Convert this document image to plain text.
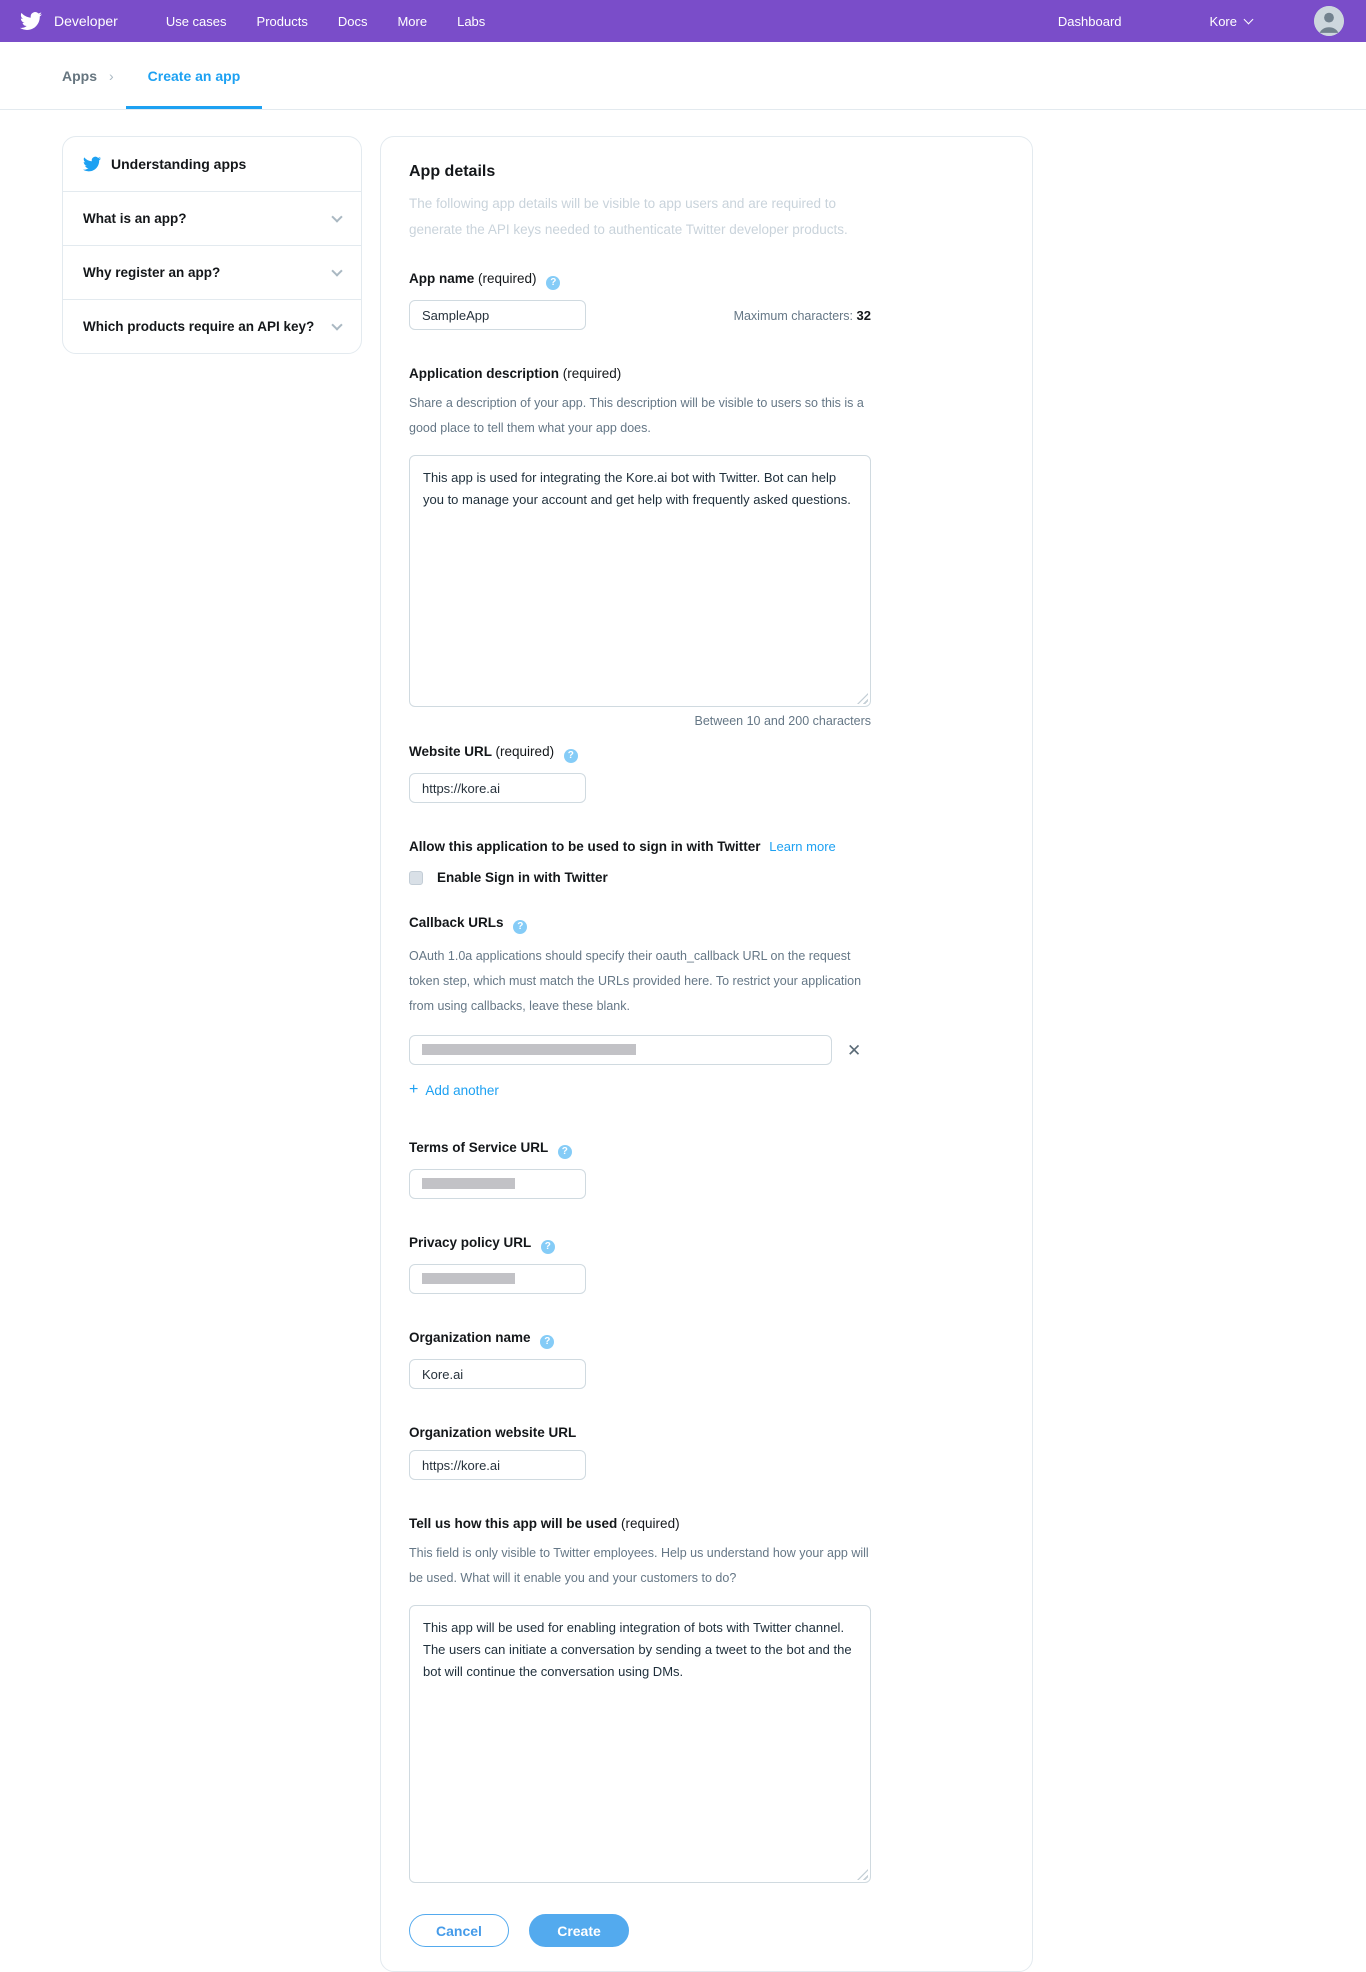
Developer	Use cases Products Docs More Labs	Dashboard	Kore
Apps ›	Create an app
Understanding apps
What is an app?
Why register an app?
Which products require an API key?
App details
The following app details will be visible to app users and are required to generate the API keys needed to authenticate Twitter developer products.
App name (required) ?
SampleApp
Maximum characters: 32
Application description (required)
Share a description of your app. This description will be visible to users so this is a good place to tell them what your app does.
This app is used for integrating the Kore.ai bot with Twitter. Bot can help you to manage your account and get help with frequently asked questions.
Between 10 and 200 characters
Website URL (required) ?
https://kore.ai
Allow this application to be used to sign in with Twitter Learn more
Enable Sign in with Twitter
Callback URLs ?
OAuth 1.0a applications should specify their oauth_callback URL on the request token step, which must match the URLs provided here. To restrict your application from using callbacks, leave these blank.
✕
+ Add another
Terms of Service URL ?
Privacy policy URL ?
Organization name ?
Kore.ai
Organization website URL
https://kore.ai
Tell us how this app will be used (required)
This field is only visible to Twitter employees. Help us understand how your app will be used. What will it enable you and your customers to do?
This app will be used for enabling integration of bots with Twitter channel. The users can initiate a conversation by sending a tweet to the bot and the bot will continue the conversation using DMs.
Cancel	Create
